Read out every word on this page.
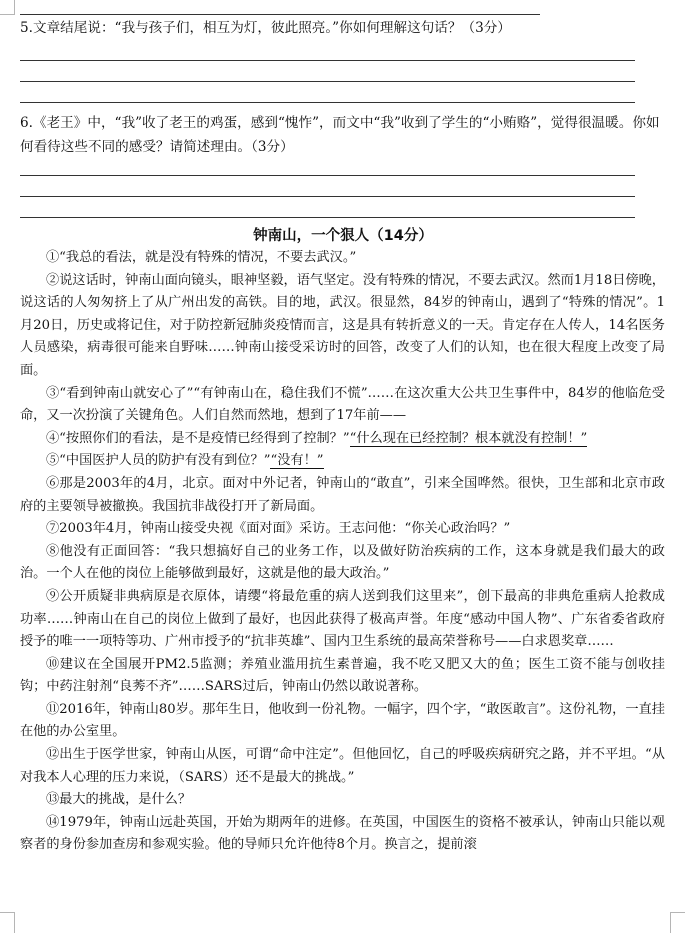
5.文章结尾说：“我与孩子们，相互为灯，彼此照亮。”你如何理解这句话？（3分）
6.《老王》中，“我”收了老王的鸡蛋，感到“愧怍”，而文中“我”收到了学生的“小贿赂”，觉得很温暖。你如何看待这些不同的感受？请简述理由。（3分）
钟南山，一个狠人（14分）

①“我总的看法，就是没有特殊的情况，不要去武汉。”

②说这话时，钟南山面向镜头，眼神坚毅，语气坚定。没有特殊的情况，不要去武汉。然而1月18日傍晚，说这话的人匆匆挤上了从广州出发的高铁。目的地，武汉。很显然，84岁的钟南山，遇到了“特殊的情况”。1月20日，历史或将记住，对于防控新冠肺炎疫情而言，这是具有转折意义的一天。肯定存在人传人，14名医务人员感染，病毒很可能来自野味……钟南山接受采访时的回答，改变了人们的认知，也在很大程度上改变了局面。

③“看到钟南山就安心了”“有钟南山在，稳住我们不慌”……在这次重大公共卫生事件中，84岁的他临危受命，又一次扮演了关键角色。人们自然而然地，想到了17年前——

④“按照你们的看法，是不是疫情已经得到了控制？”“什么现在已经控制？根本就没有控制！”

⑤“中国医护人员的防护有没有到位？”“没有！”

⑥那是2003年的4月，北京。面对中外记者，钟南山的“敢直”，引来全国哗然。很快，卫生部和北京市政府的主要领导被撤换。我国抗非战役打开了新局面。

⑦2003年4月，钟南山接受央视《面对面》采访。王志问他：“你关心政治吗？”

⑧他没有正面回答：“我只想搞好自己的业务工作，以及做好防治疾病的工作，这本身就是我们最大的政治。一个人在他的岗位上能够做到最好，这就是他的最大政治。”

⑨公开质疑非典病原是衣原体，请缨“将最危重的病人送到我们这里来”，创下最高的非典危重病人抢救成功率……钟南山在自己的岗位上做到了最好，也因此获得了极高声誉。年度“感动中国人物”、广东省委省政府授予的唯一一项特等功、广州市授予的“抗非英雄”、国内卫生系统的最高荣誉称号——白求恩奖章……

⑩建议在全国展开PM2.5监测；养殖业滥用抗生素普遍，我不吃又肥又大的鱼；医生工资不能与创收挂钩；中药注射剂“良莠不齐”……SARS过后，钟南山仍然以敢说著称。

⑪2016年，钟南山80岁。那年生日，他收到一份礼物。一幅字，四个字，“敢医敢言”。这份礼物，一直挂在他的办公室里。

⑫出生于医学世家，钟南山从医，可谓“命中注定”。但他回忆，自己的呼吸疾病研究之路，并不平坦。“从对我本人心理的压力来说，（SARS）还不是最大的挑战。”

⑬最大的挑战，是什么？

⑭1979年，钟南山远赴英国，开始为期两年的进修。在英国，中国医生的资格不被承认，钟南山只能以观察者的身份参加查房和参观实验。他的导师只允许他待8个月。换言之，提前滚
